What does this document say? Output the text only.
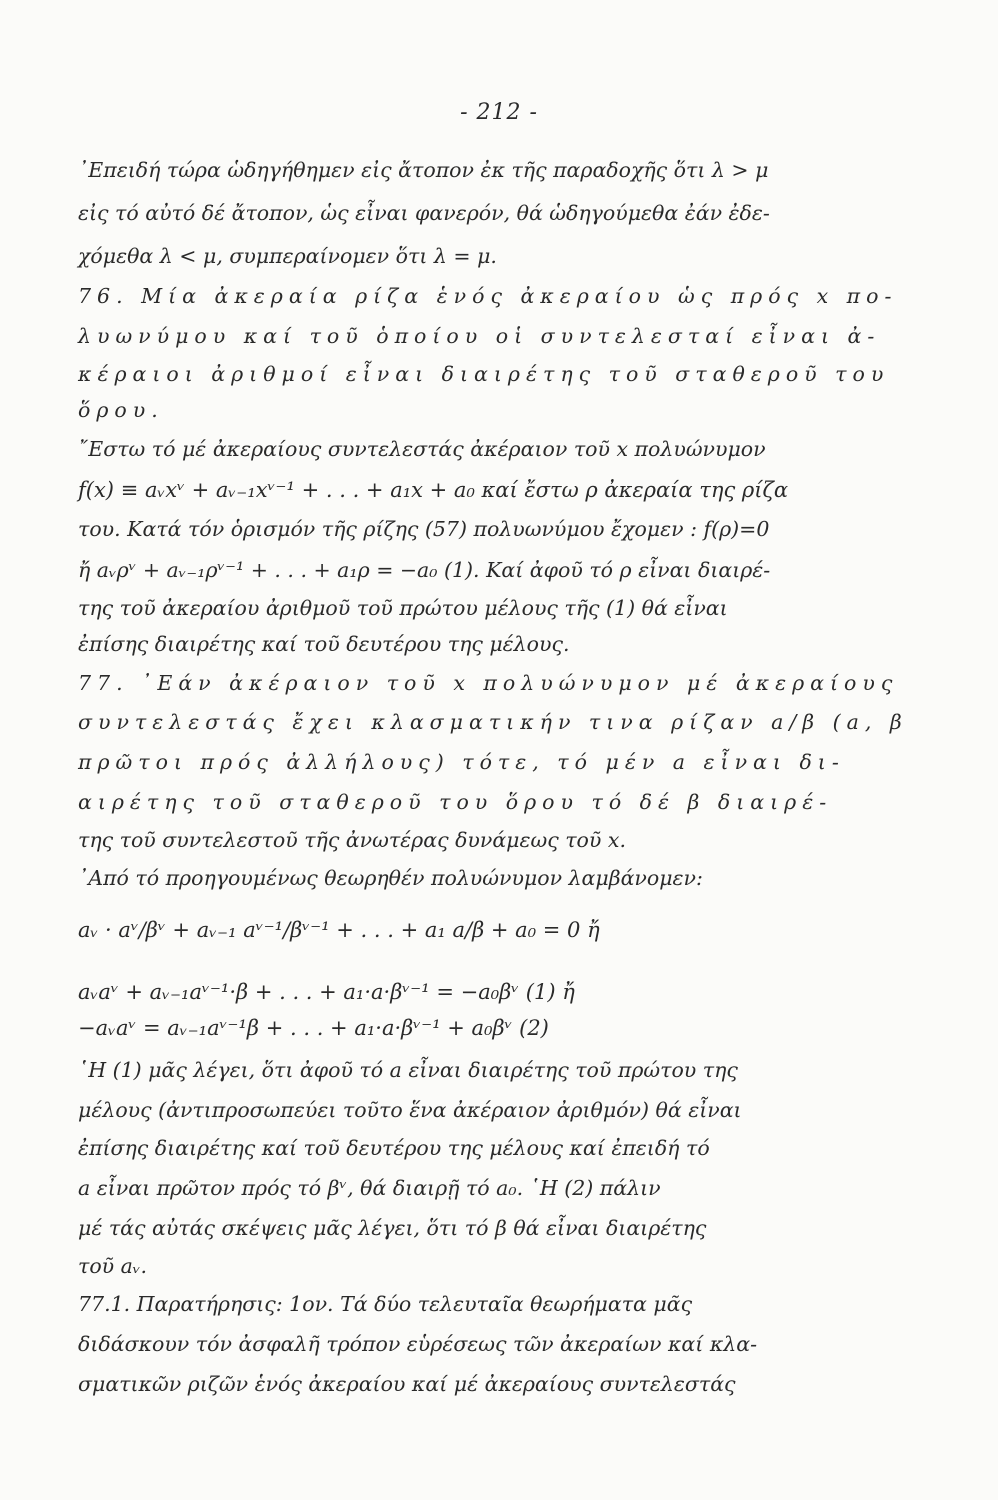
- 212 -
᾿Επειδή τώρα ὡδηγήθημεν εἰς ἄτοπον ἐκ τῆς παραδοχῆς ὅτι λ > μ
εἰς τό αὐτό δέ ἄτοπον, ὡς εἶναι φανερόν, θά ὡδηγούμεθα ἐάν ἐδε-
χόμεθα λ < μ, συμπεραίνομεν ὅτι λ = μ.
76. Μία ἀκεραία ρίζα ἑνός ἀκεραίου ὡς πρός x πο-
λυωνύμου καί τοῦ ὁποίου οἱ συντελεσταί εἶναι ἀ-
κέραιοι ἀριθμοί εἶναι διαιρέτης τοῦ σταθεροῦ του
ὅρου.
῎Εστω τό μέ ἀκεραίους συντελεστάς ἀκέραιον τοῦ x πολυώνυμον
f(x) ≡ aᵥxᵛ + aᵥ₋₁xᵛ⁻¹ + . . . + a₁x + a₀ καί ἔστω ρ ἀκεραία της ρίζα
του. Κατά τόν ὁρισμόν τῆς ρίζης (57) πολυωνύμου ἔχομεν : f(ρ)=0
ἤ aᵥρᵛ + aᵥ₋₁ρᵛ⁻¹ + . . . + a₁ρ = −a₀ (1). Καί ἀφοῦ τό ρ εἶναι διαιρέ-
της τοῦ ἀκεραίου ἀριθμοῦ τοῦ πρώτου μέλους τῆς (1) θά εἶναι
ἐπίσης διαιρέτης καί τοῦ δευτέρου της μέλους.
77. ᾿Εάν ἀκέραιον τοῦ x πολυώνυμον μέ ἀκεραίους
συντελεστάς ἔχει κλασματικήν τινα ρίζαν a/β (a, β
πρῶτοι πρός ἀλλήλους) τότε, τό μέν a εἶναι δι-
αιρέτης τοῦ σταθεροῦ του ὅρου τό δέ β διαιρέ-
της τοῦ συντελεστοῦ τῆς ἀνωτέρας δυνάμεως τοῦ x.
᾿Από τό προηγουμένως θεωρηθέν πολυώνυμον λαμβάνομεν:
aᵥ · aᵛ/βᵛ + aᵥ₋₁ aᵛ⁻¹/βᵛ⁻¹ + . . . + a₁ a/β + a₀ = 0 ἤ
aᵥaᵛ + aᵥ₋₁aᵛ⁻¹·β + . . . + a₁·a·βᵛ⁻¹ = −a₀βᵛ (1) ἤ
−aᵥaᵛ = aᵥ₋₁aᵛ⁻¹β + . . . + a₁·a·βᵛ⁻¹ + a₀βᵛ (2)
῾Η (1) μᾶς λέγει, ὅτι ἀφοῦ τό a εἶναι διαιρέτης τοῦ πρώτου της
μέλους (ἀντιπροσωπεύει τοῦτο ἕνα ἀκέραιον ἀριθμόν) θά εἶναι
ἐπίσης διαιρέτης καί τοῦ δευτέρου της μέλους καί ἐπειδή τό
a εἶναι πρῶτον πρός τό βᵛ, θά διαιρῇ τό a₀. ῾Η (2) πάλιν
μέ τάς αὐτάς σκέψεις μᾶς λέγει, ὅτι τό β θά εἶναι διαιρέτης
τοῦ aᵥ.
77.1. Παρατήρησις: 1ον. Τά δύο τελευταῖα θεωρήματα μᾶς
διδάσκουν τόν ἀσφαλῆ τρόπον εὑρέσεως τῶν ἀκεραίων καί κλα-
σματικῶν ριζῶν ἑνός ἀκεραίου καί μέ ἀκεραίους συντελεστάς
